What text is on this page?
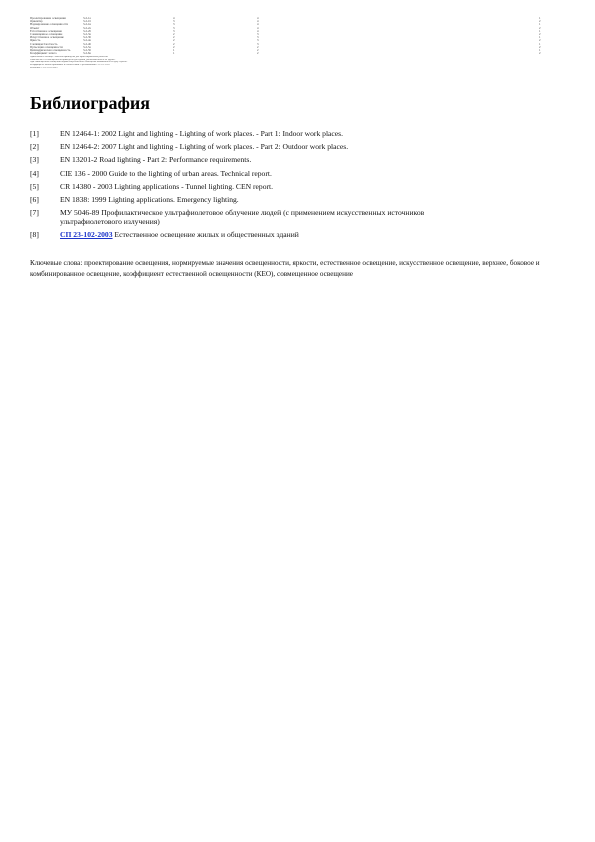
Проектирование освещения	3-2-1а	4	4	1
Ориентир	3-2-1б	3	4	2
Нормирование освещенности	3-2-1в	3	4	1
Объект	3-2-2а	3	4	2
Естественное освещение	3-2-2б	3	4	1
Совмещенное освещение	3-2-3а	2	3	2
Искусственное освещение	3-2-3б	2	3	1
Яркость	3-2-4а	2	3	2
Слепящая блесткость	3-2-4б	2	3	1
Пульсация освещенности	3-2-5а	2	2	2
Цилиндрическая освещенность	3-2-5б	1	2	1
Коэффициент запаса	3-2-6а	1	2	2
Примечания к таблице: значения приведены для ориентировочных расчетов.
Значения КЕО и освещенности приведены для зданий, расположенных в III группе.
При совмещенном освещении нормы искусственного освещения повышаются на одну ступень.
Коэффициент запаса принимают в соответствии с требованиями СП 52.13330.
Источник: СП 23-102-2003
Библиография
[1]	EN 12464-1: 2002 Light and lighting - Lighting of work places. - Part 1: Indoor work places.
[2]	EN 12464-2: 2007 Light and lighting - Lighting of work places. - Part 2: Outdoor work places.
[3]	EN 13201-2 Road lighting - Part 2: Performance requirements.
[4]	CIE 136 - 2000 Guide to the lighting of urban areas. Technical report.
[5]	CR 14380 - 2003 Lighting applications - Tunnel lighting. CEN report.
[6]	EN 1838: 1999 Lighting applications. Emergency lighting.
[7]	МУ 5046-89 Профилактическое ультрафиолетовое облучение людей (с применением искусственных источников ультрафиолетового излучения)
[8]	СП 23-102-2003 Естественное освещение жилых и общественных зданий

Ключевые слова: проектирование освещения, нормируемые значения освещенности, яркости, естественное освещение, искусственное освещение, верхнее, боковое и комбинированное освещение, коэффициент естественной освещенности (КЕО), совмещенное освещение
